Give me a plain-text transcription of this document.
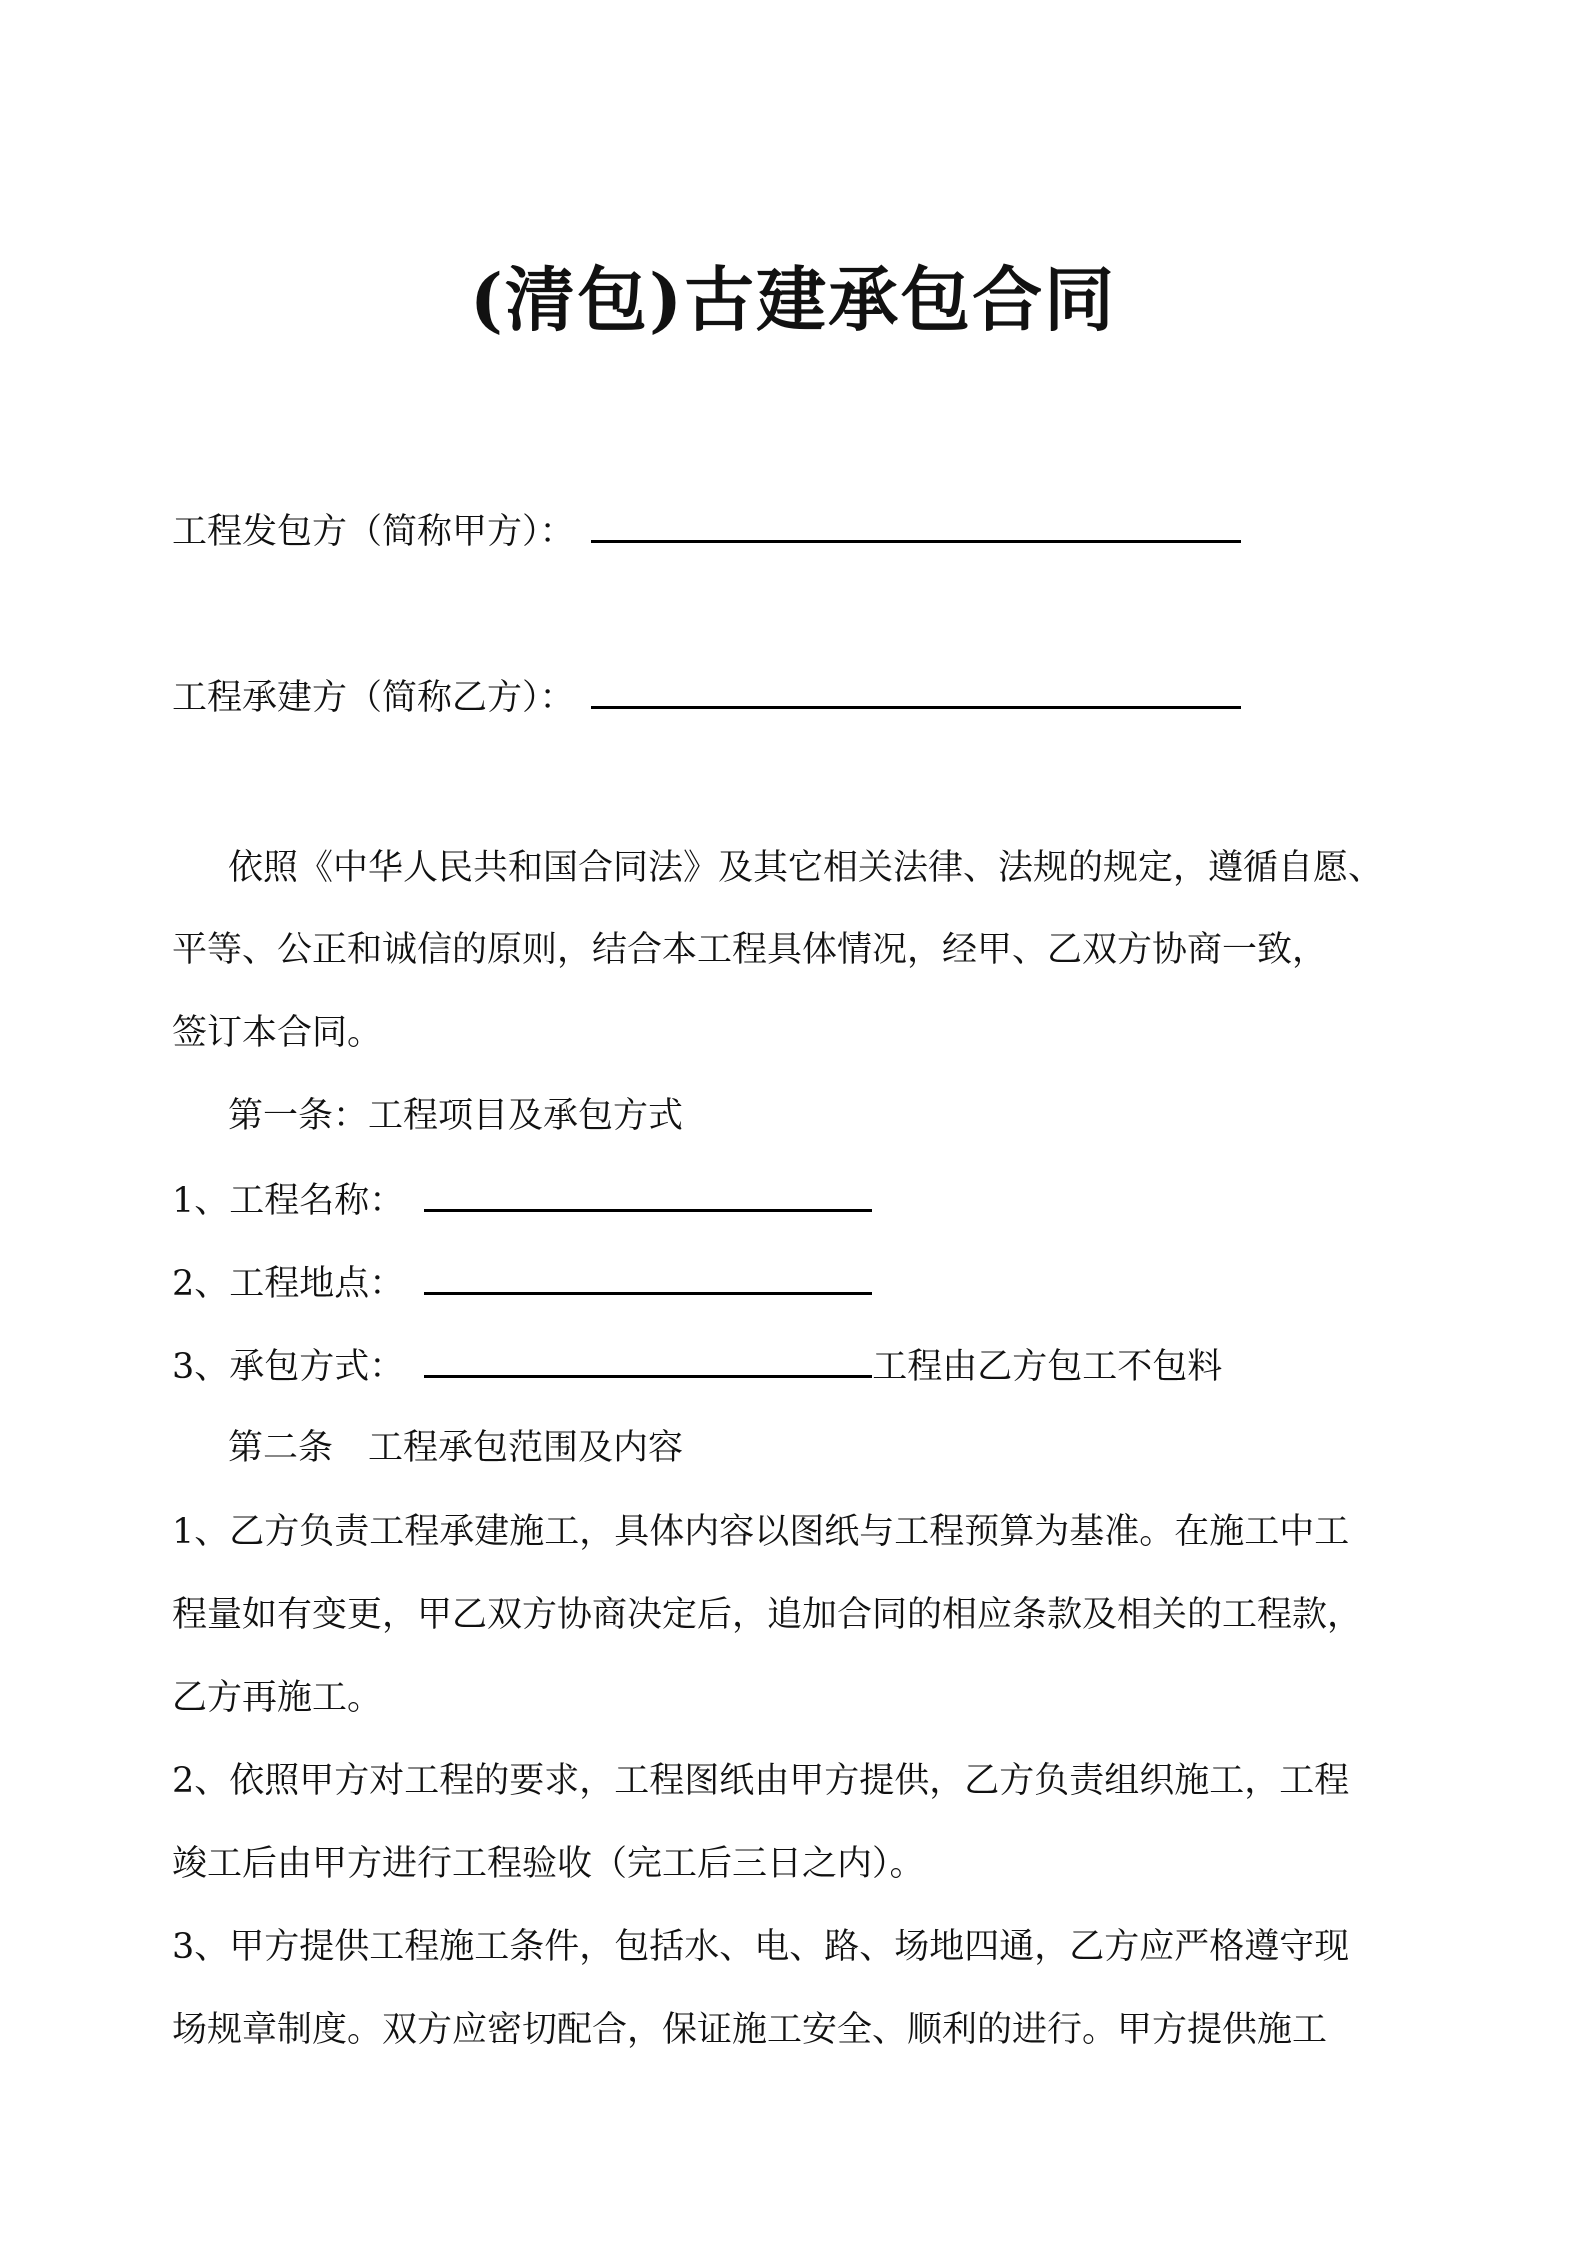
(清包)古建承包合同
工程发包方（简称甲方）：
工程承建方（简称乙方）：
依照《中华人民共和国合同法》及其它相关法律、法规的规定，遵循自愿、
平等、公正和诚信的原则，结合本工程具体情况，经甲、乙双方协商一致，
签订本合同。
第一条：工程项目及承包方式
1、工程名称：
2、工程地点：
3、承包方式：	工程由乙方包工不包料
第二条　工程承包范围及内容
1、乙方负责工程承建施工，具体内容以图纸与工程预算为基准。在施工中工
程量如有变更，甲乙双方协商决定后，追加合同的相应条款及相关的工程款，
乙方再施工。
2、依照甲方对工程的要求，工程图纸由甲方提供，乙方负责组织施工，工程
竣工后由甲方进行工程验收（完工后三日之内）。
3、甲方提供工程施工条件，包括水、电、路、场地四通，乙方应严格遵守现
场规章制度。双方应密切配合，保证施工安全、顺利的进行。甲方提供施工
